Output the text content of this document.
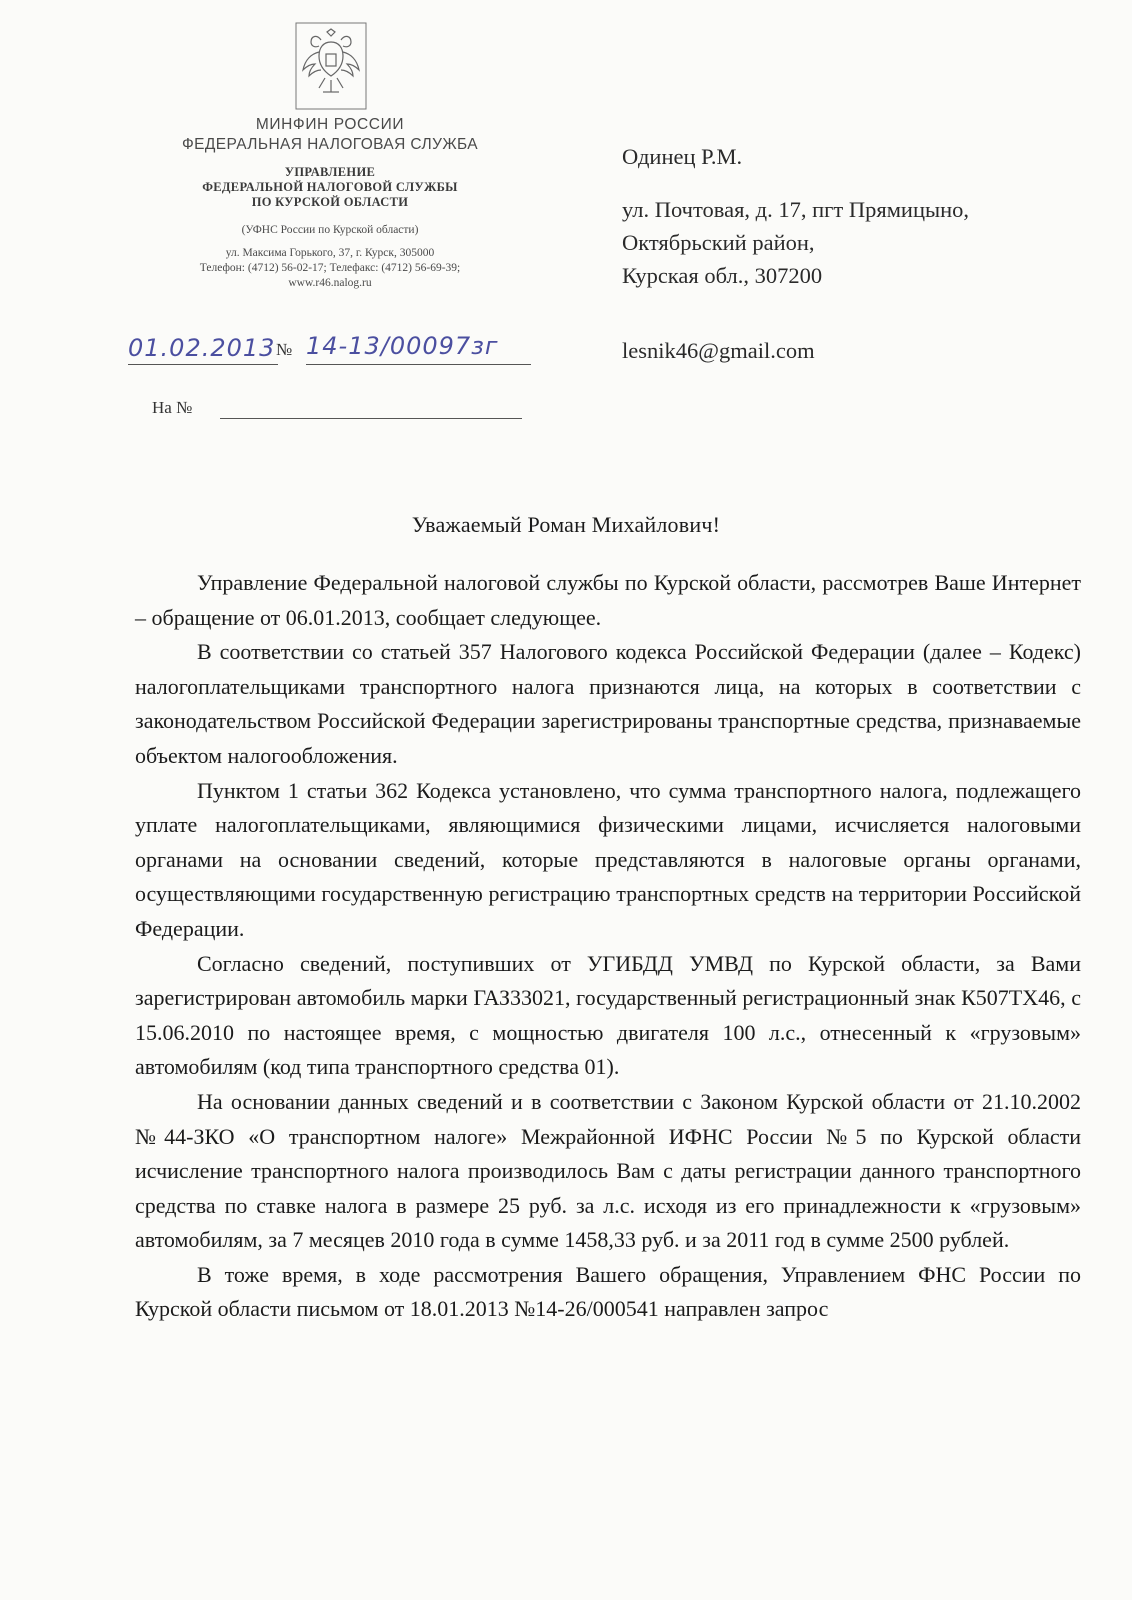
МИНФИН РОССИИ
ФЕДЕРАЛЬНАЯ НАЛОГОВАЯ СЛУЖБА
УПРАВЛЕНИЕ
ФЕДЕРАЛЬНОЙ НАЛОГОВОЙ СЛУЖБЫ
ПО КУРСКОЙ ОБЛАСТИ
(УФНС России по Курской области)
ул. Максима Горького, 37, г. Курск, 305000
Телефон: (4712) 56-02-17; Телефакс: (4712) 56-69-39;
www.r46.nalog.ru
01.02.2013 № 14-13/00097зг
На №
Одинец Р.М.
ул. Почтовая, д. 17, пгт Прямицыно,
Октябрьский район,
Курская обл., 307200
lesnik46@gmail.com
Уважаемый Роман Михайлович!

Управление Федеральной налоговой службы по Курской области, рассмотрев Ваше Интернет – обращение от 06.01.2013, сообщает следующее.

В соответствии со статьей 357 Налогового кодекса Российской Федерации (далее – Кодекс) налогоплательщиками транспортного налога признаются лица, на которых в соответствии с законодательством Российской Федерации зарегистрированы транспортные средства, признаваемые объектом налогообложения.

Пунктом 1 статьи 362 Кодекса установлено, что сумма транспортного налога, подлежащего уплате налогоплательщиками, являющимися физическими лицами, исчисляется налоговыми органами на основании сведений, которые представляются в налоговые органы органами, осуществляющими государственную регистрацию транспортных средств на территории Российской Федерации.

Согласно сведений, поступивших от УГИБДД УМВД по Курской области, за Вами зарегистрирован автомобиль марки ГАЗ33021, государственный регистрационный знак К507ТХ46, с 15.06.2010 по настоящее время, с мощностью двигателя 100 л.с., отнесенный к «грузовым» автомобилям (код типа транспортного средства 01).

На основании данных сведений и в соответствии с Законом Курской области от 21.10.2002 №44-ЗКО «О транспортном налоге» Межрайонной ИФНС России №5 по Курской области исчисление транспортного налога производилось Вам с даты регистрации данного транспортного средства по ставке налога в размере 25 руб. за л.с. исходя из его принадлежности к «грузовым» автомобилям, за 7 месяцев 2010 года в сумме 1458,33 руб. и за 2011 год в сумме 2500 рублей.

В тоже время, в ходе рассмотрения Вашего обращения, Управлением ФНС России по Курской области письмом от 18.01.2013 №14-26/000541 направлен запрос
